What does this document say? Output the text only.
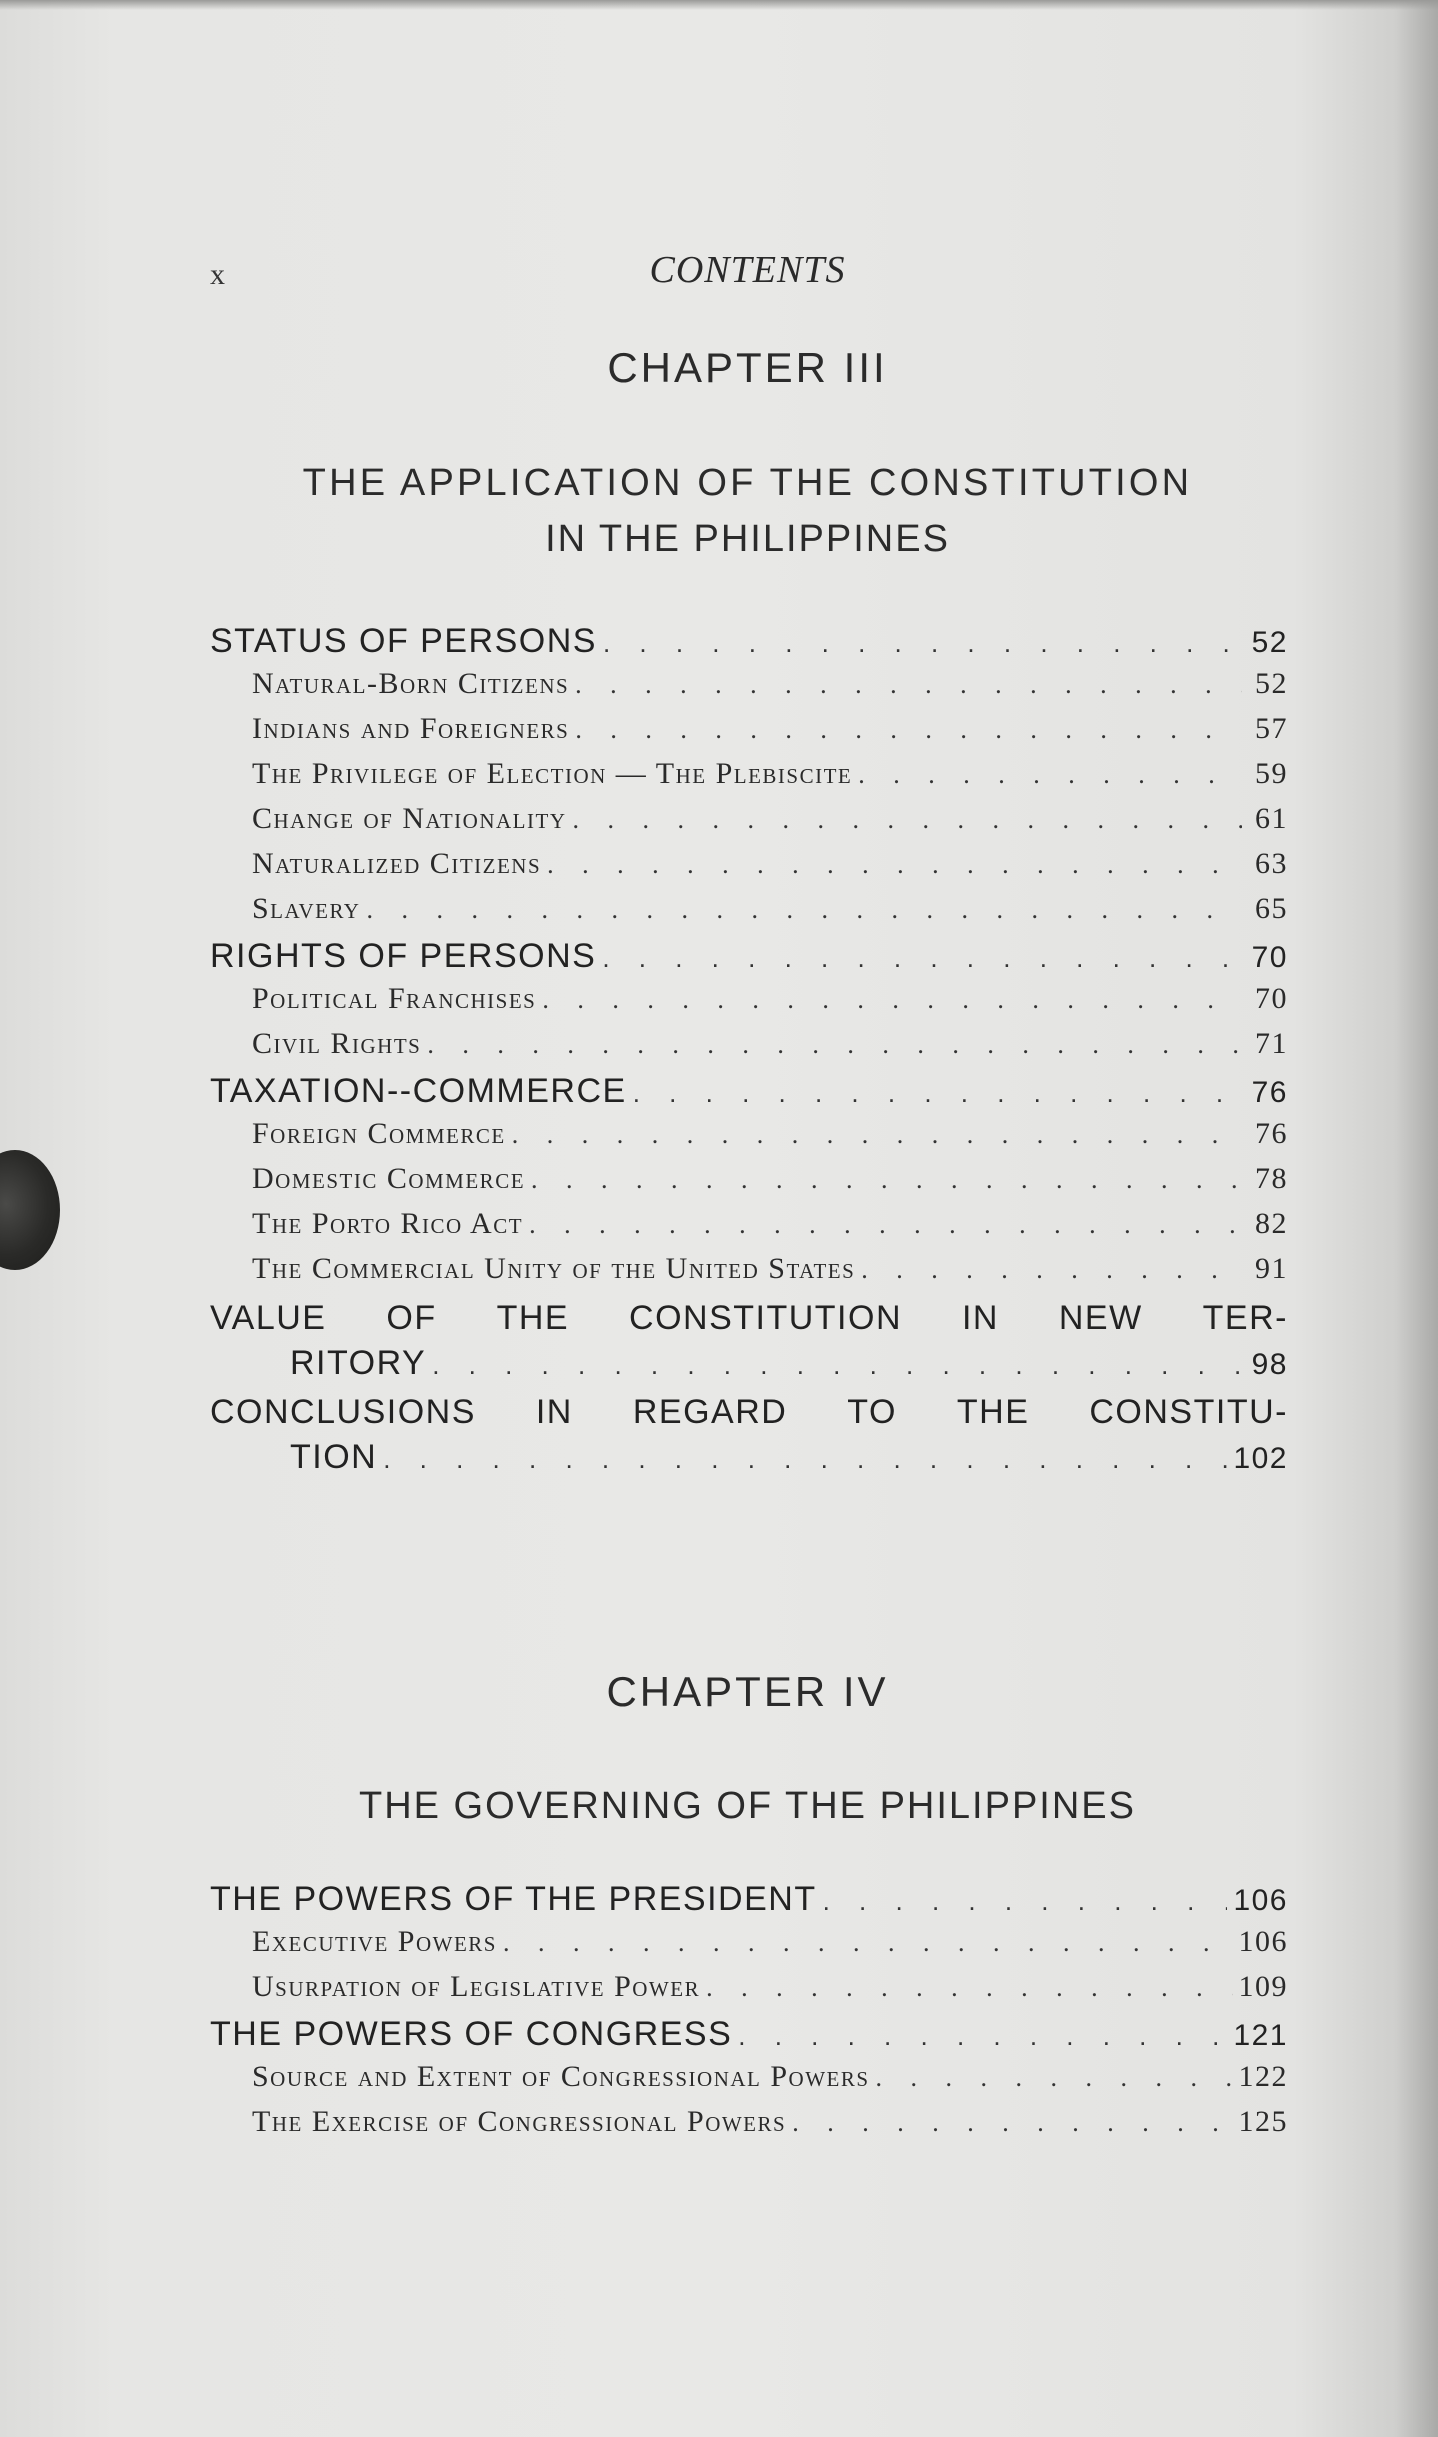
x	CONTENTS
CHAPTER III
THE APPLICATION OF THE CONSTITUTION
IN THE PHILIPPINES
STATUS OF PERSONS . . .	52
Natural-Born Citizens . . .	52
Indians and Foreigners . . .	57
The Privilege of Election — The Plebiscite . . .	59
Change of Nationality . . .	61
Naturalized Citizens . . .	63
Slavery . . .	65
RIGHTS OF PERSONS . . .	70
Political Franchises . . .	70
Civil Rights . . .	71
TAXATION--COMMERCE . . .	76
Foreign Commerce . . .	76
Domestic Commerce . . .	78
The Porto Rico Act . . .	82
The Commercial Unity of the United States . . .	91
VALUE OF THE CONSTITUTION IN NEW TER-
RITORY . . .	98
CONCLUSIONS IN REGARD TO THE CONSTITU-
TION . . .	102
CHAPTER IV
THE GOVERNING OF THE PHILIPPINES
THE POWERS OF THE PRESIDENT . . .	106
Executive Powers . . .	106
Usurpation of Legislative Power . . .	109
THE POWERS OF CONGRESS . . .	121
Source and Extent of Congressional Powers . . .	122
The Exercise of Congressional Powers . . .	125
